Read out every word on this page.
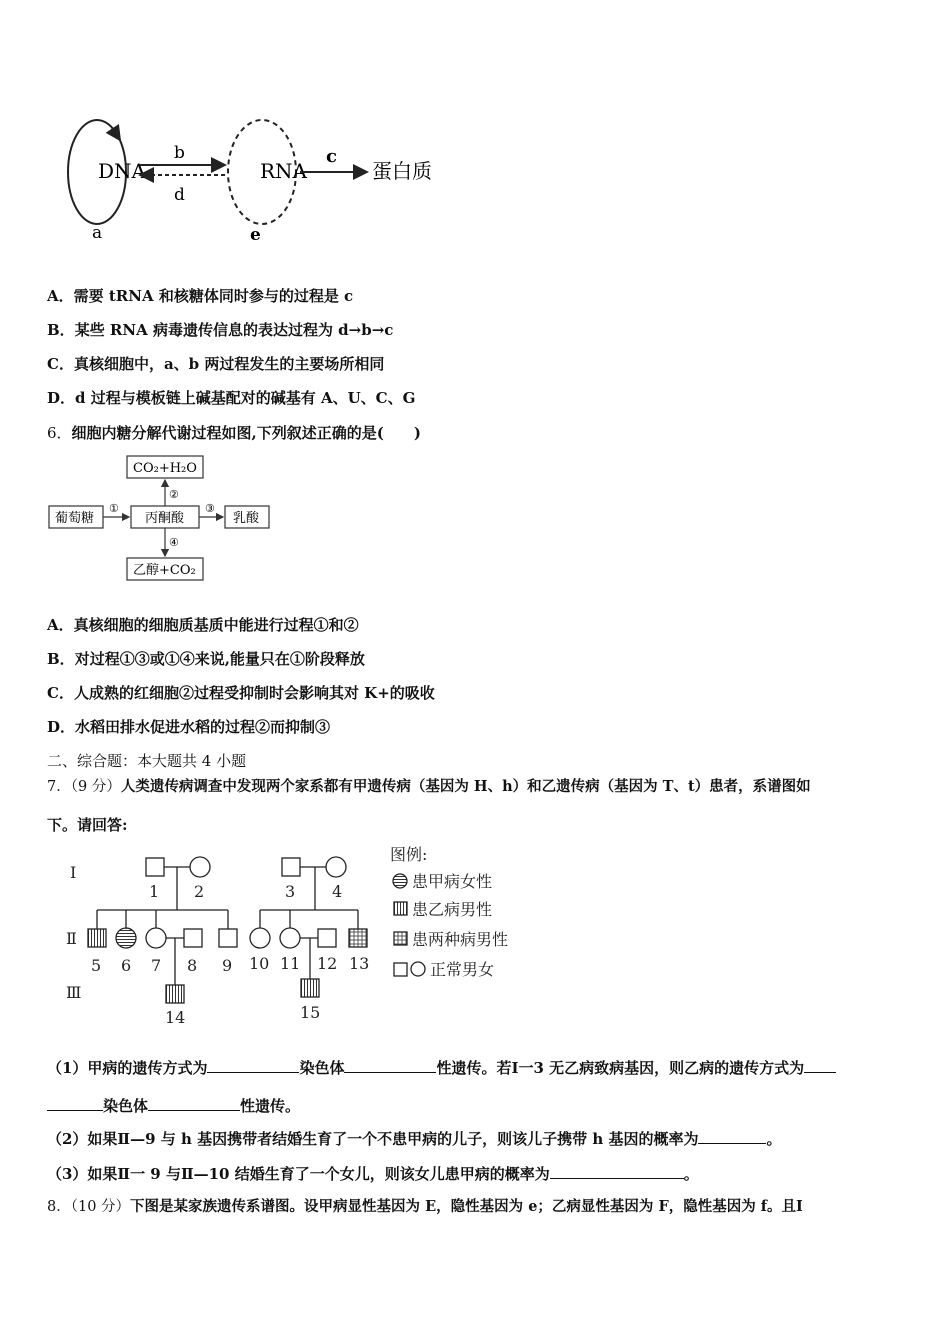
DNA
b
d
RNA
c
蛋白质
a	e
A．需要 tRNA 和核糖体同时参与的过程是 c
B．某些 RNA 病毒遗传信息的表达过程为 d→b→c
C．真核细胞中，a、b 两过程发生的主要场所相同
D．d 过程与模板链上碱基配对的碱基有 A、U、C、G
6．细胞内糖分解代谢过程如图,下列叙述正确的是(　　)
CO₂+H₂O
葡萄糖	丙酮酸	乳酸
乙醇+CO₂
①
②
③
④
A．真核细胞的细胞质基质中能进行过程①和②
B．对过程①③或①④来说,能量只在①阶段释放
C．人成熟的红细胞②过程受抑制时会影响其对 K+的吸收
D．水稻田排水促进水稻的过程②而抑制③
二、综合题：本大题共 4 小题
7．（9 分）人类遗传病调查中发现两个家系都有甲遗传病（基因为 H、h）和乙遗传病（基因为 T、t）患者，系谱图如
下。请回答:
Ⅰ
Ⅱ
Ⅲ
1 2	3 4
5 6 7 8 9 10 11 12 13
14	15
图例:
患甲病女性
患乙病男性
患两种病男性
正常男女
（1）甲病的遗传方式为	染色体	性遗传。若Ⅰ一3 无乙病致病基因，则乙病的遗传方式为
染色体	性遗传。
（2）如果Ⅱ—9 与 h 基因携带者结婚生育了一个不患甲病的儿子，则该儿子携带 h 基因的概率为	。
（3）如果Ⅱ一 9 与Ⅱ—10 结婚生育了一个女儿，则该女儿患甲病的概率为	。
8．（10 分）下图是某家族遗传系谱图。设甲病显性基因为 E，隐性基因为 e；乙病显性基因为 F，隐性基因为 f。且Ⅰ
